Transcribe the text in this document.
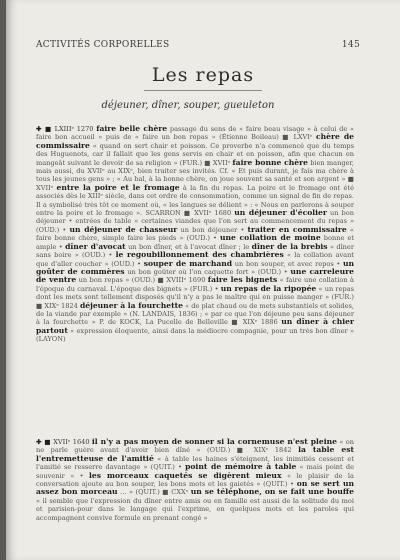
ACTIVITÉS CORPORELLES	145
Les repas
déjeuner, dîner, souper, gueuleton
✚ ■ LXIIIᵉ 1270 faire belle chère passage du sens de « faire beau visage » à celui de « faire bon accueil » puis de « faire un bon repas » (Étienne Boileau) ■ LXVIᵉ chère de commissaire « quand on sert chair et poisson. Ce proverbe n'a commencé que du temps des Huguenots, car il fallait que les gens servis en chair et en poisson, afin que chacun en mangeât suivant le devoir de sa religion » (FUR.) ■ XVIIᵉ faire bonne chère bien manger, mais aussi, du XVIIᵉ au XIXᵉ, bien traiter ses invités. Cf. « Et puis durant, je fais ma chère à tous les jeunes gens » ; « Au bal, à la bonne chère, on joue souvent sa santé et son argent » ■ XVIIᵉ entre la poire et le fromage à la fin du repas. La poire et le fromage ont été associés dès le XIIIᵉ siècle, dans cet ordre de consommation, comme un signal de fin de repas. Il a symbolisé très tôt ce moment où, « les langues se délient » : « Nous en parlerons à souper entre la poire et le fromage ». SCARRON ■ XVIIᵉ 1680 un déjeuner d'écolier un bon déjeuner • entrées de table « certaines viandes que l'on sert au commencement du repas » (OUD.) • un déjeuner de chasseur un bon déjeuner • traiter en commissaire « faire bonne chère, simple faire les pieds » (OUD.) • une collation de moine bonne et ample • dîner d'avocat un bon dîner, et à l'avocat dîner ; le dîner de la brebis « dîner sans boire » (OUD.) • le regoubillonnement des chambrières « la collation avant que d'aller coucher » (OUD.) • souper de marchand un bon souper, et avec repos • un goûter de commères un bon goûter où l'on caquette fort » (OUD.) • une carreleure de ventre un bon repas » (OUD.) ■ XVIIIᵉ 1690 faire les bignets « faire une collation à l'époque du carnaval. L'époque des bignets » (FUR.) • un repas de la ripopée « un repas dont les mets sont tellement disposés qu'il n'y a pas le maître qui en puisse manger » (FUR.) ■ XIXᵉ 1824 déjeuner à la fourchette « de plat chaud ou de mets substantiels et solides, de la viande par exemple » (N. LANDAIS, 1836) ; « par ce que l'on déjeune peu sans déjeuner à la fourchette » P. de KOCK, La Pucelle de Belleville ■ XIXᵉ 1886 un dîner à chier partout « expression éloquente, ainsi dans la médiocre compagnie, pour un très bon dîner » (LAYON)
✚ ■ XVIIᵉ 1640 il n'y a pas moyen de sonner si la cornemuse n'est pleine « on ne parle guère avant d'avoir bien dîné » (OUD.) ■ XIXᵉ 1842 la table est l'entremetteuse de l'amitié « à table les haines s'éteignent, les inimitiés cessent et l'amitié se resserre davantage » (QUIT.) • point de mémoire à table « mais point de souvenir » • les morceaux caquetés se digèrent mieux « le plaisir de la conversation ajoute au bon souper, les bons mots et les gaietés » (QUIT.) • on se sert un assez bon morceau … » (QUIT.) ■ CXXᵉ un se téléphone, on se fait une bouffe « il semble que l'expression du dîner entre amis ou en famille est aussi de la solitude du moi et parisien-pour dans le langage qui l'exprime, en quelques mots et les paroles qui accompagnent convive formule en prenant congé »
